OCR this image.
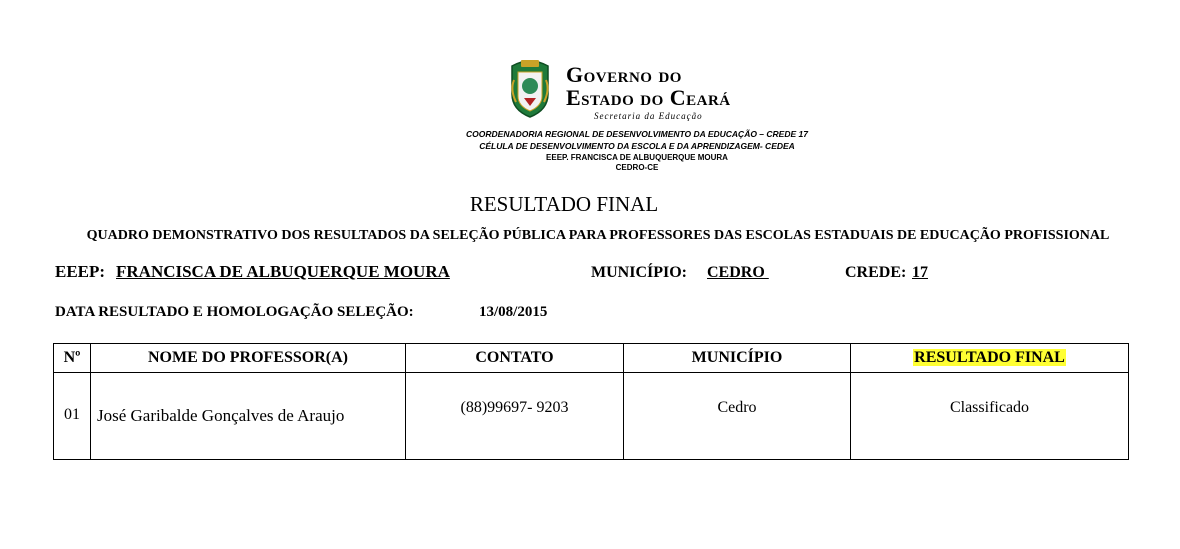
Governo do
Estado do Ceará
Secretaria da Educação
COORDENADORIA REGIONAL DE DESENVOLVIMENTO DA EDUCAÇÃO – CREDE 17
CÉLULA DE DESENVOLVIMENTO DA ESCOLA E DA APRENDIZAGEM- CEDEA
EEEP. FRANCISCA DE ALBUQUERQUE MOURA
CEDRO-CE
RESULTADO FINAL
QUADRO DEMONSTRATIVO DOS RESULTADOS DA SELEÇÃO PÚBLICA PARA PROFESSORES DAS ESCOLAS ESTADUAIS DE EDUCAÇÃO PROFISSIONAL
EEEP: FRANCISCA DE ALBUQUERQUE MOURA	MUNICÍPIO: CEDRO	CREDE: 17
DATA RESULTADO E HOMOLOGAÇÃO SELEÇÃO:	13/08/2015
Nº	NOME DO PROFESSOR(A)	CONTATO	MUNICÍPIO	RESULTADO FINAL

01	José Garibalde Gonçalves de Araujo	(88)99697- 9203	Cedro	Classificado
